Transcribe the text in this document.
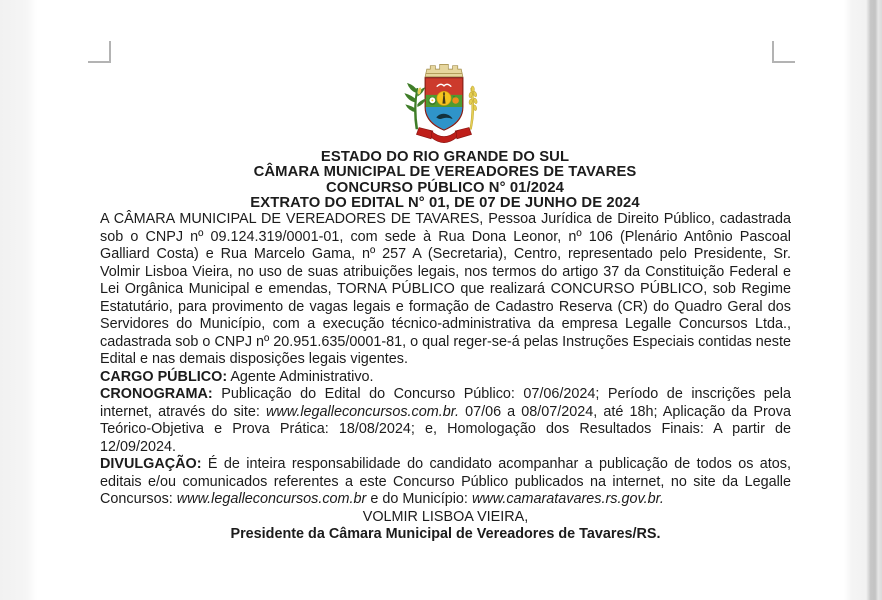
ESTADO DO RIO GRANDE DO SUL
CÂMARA MUNICIPAL DE VEREADORES DE TAVARES
CONCURSO PÚBLICO N° 01/2024
EXTRATO DO EDITAL N° 01, DE 07 DE JUNHO DE 2024

A CÂMARA MUNICIPAL DE VEREADORES DE TAVARES, Pessoa Jurídica de Direito Público, cadastrada sob o CNPJ nº 09.124.319/0001-01, com sede à Rua Dona Leonor, nº 106 (Plenário Antônio Pascoal Galliard Costa) e Rua Marcelo Gama, nº 257 A (Secretaria), Centro, representado pelo Presidente, Sr. Volmir Lisboa Vieira, no uso de suas atribuições legais, nos termos do artigo 37 da Constituição Federal e Lei Orgânica Municipal e emendas, TORNA PÚBLICO que realizará CONCURSO PÚBLICO, sob Regime Estatutário, para provimento de vagas legais e formação de Cadastro Reserva (CR) do Quadro Geral dos Servidores do Município, com a execução técnico-administrativa da empresa Legalle Concursos Ltda., cadastrada sob o CNPJ nº 20.951.635/0001-81, o qual reger-se-á pelas Instruções Especiais contidas neste Edital e nas demais disposições legais vigentes.

CARGO PÚBLICO: Agente Administrativo.

CRONOGRAMA: Publicação do Edital do Concurso Público: 07/06/2024; Período de inscrições pela internet, através do site: www.legalleconcursos.com.br. 07/06 a 08/07/2024, até 18h; Aplicação da Prova Teórico-Objetiva e Prova Prática: 18/08/2024; e, Homologação dos Resultados Finais: A partir de 12/09/2024.

DIVULGAÇÃO: É de inteira responsabilidade do candidato acompanhar a publicação de todos os atos, editais e/ou comunicados referentes a este Concurso Público publicados na internet, no site da Legalle Concursos: www.legalleconcursos.com.br e do Município: www.camaratavares.rs.gov.br.

VOLMIR LISBOA VIEIRA,
Presidente da Câmara Municipal de Vereadores de Tavares/RS.
